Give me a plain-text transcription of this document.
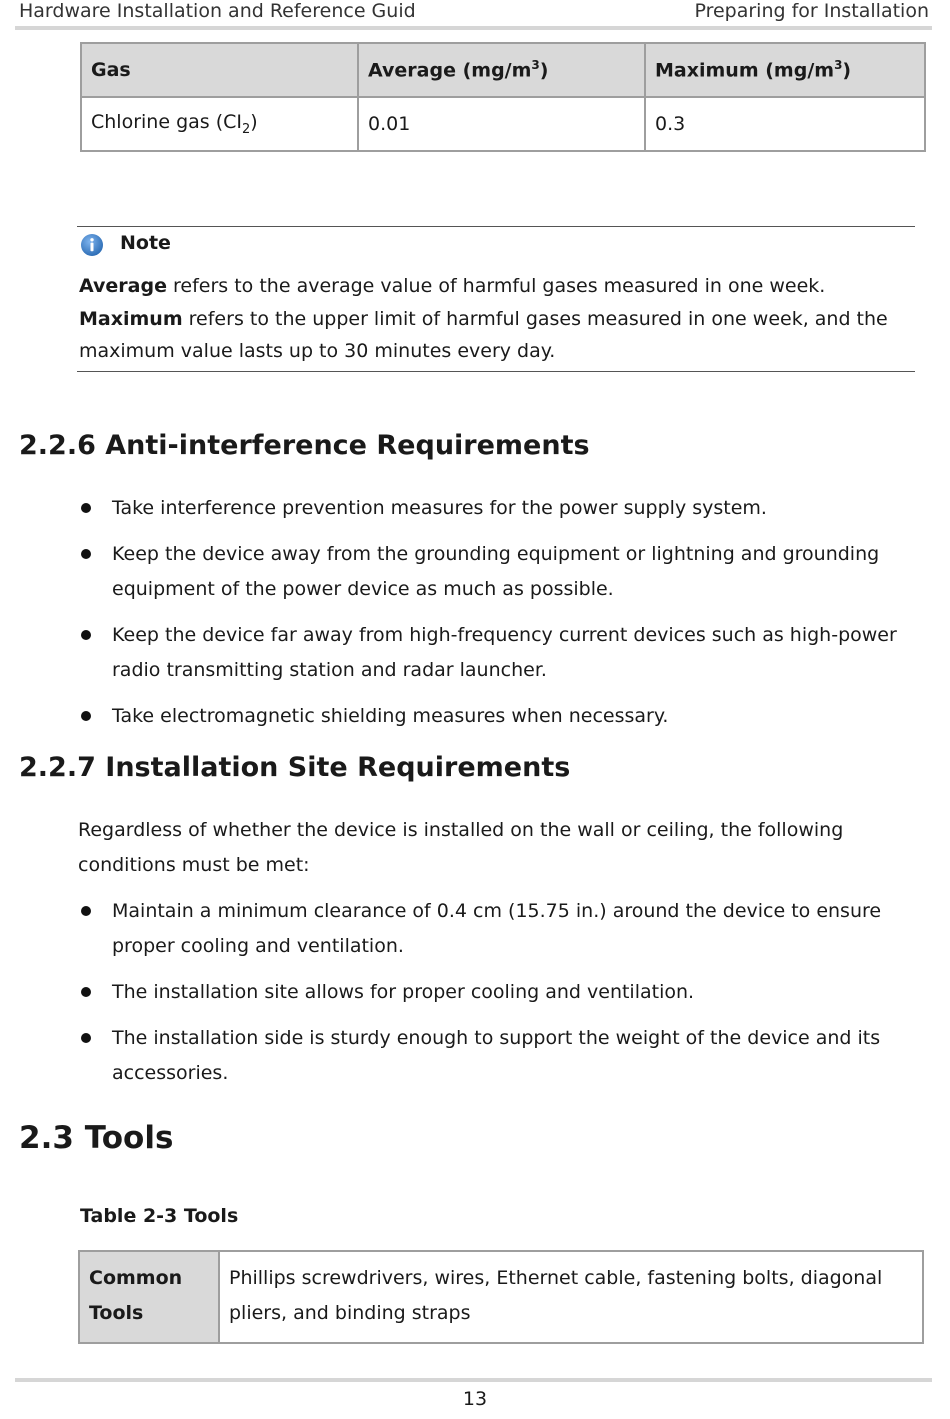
Hardware Installation and Reference Guid	Preparing for Installation
Gas	Average $(mg/m^3)$	Maximum $(mg/m^3)$
Chlorine gas $(CI_2)$	0.01	0.3
Note
Average refers to the average value of harmful gases measured in one week. Maximum refers to the upper limit of harmful gases measured in one week, and the maximum value lasts up to 30 minutes every day.
2.2.6 Anti-interference Requirements
Take interference prevention measures for the power supply system.
Keep the device away from the grounding equipment or lightning and grounding equipment of the power device as much as possible.
Keep the device far away from high-frequency current devices such as high-power radio transmitting station and radar launcher.
Take electromagnetic shielding measures when necessary.
2.2.7 Installation Site Requirements
Regardless of whether the device is installed on the wall or ceiling, the following conditions must be met:
Maintain a minimum clearance of 0.4 cm (15.75 in.) around the device to ensure proper cooling and ventilation.
The installation site allows for proper cooling and ventilation.
The installation side is sturdy enough to support the weight of the device and its accessories.
2.3 Tools
Table 2-3 Tools
Common Tools	Phillips screwdrivers, wires, Ethernet cable, fastening bolts, diagonal pliers, and binding straps
13
